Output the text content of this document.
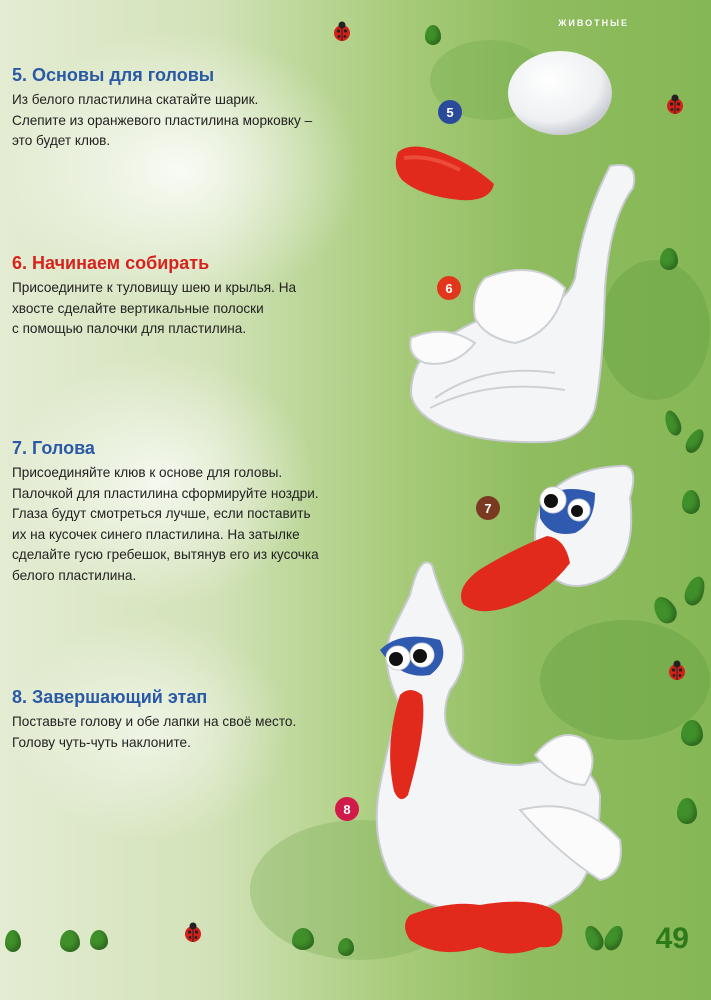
ЖИВОТНЫЕ

5. Основы для головы

Из белого пластилина скатайте шарик.

Слепите из оранжевого пластилина морковку –

это будет клюв.

6. Начинаем собирать

Присоедините к туловищу шею и крылья. На

хвосте сделайте вертикальные полоски

с помощью палочки для пластилина.

7. Голова

Присоединяйте клюв к основе для головы.

Палочкой для пластилина сформируйте ноздри.

Глаза будут смотреться лучше, если поставить

их на кусочек синего пластилина. На затылке

сделайте гусю гребешок, вытянув его из кусочка

белого пластилина.

8. Завершающий этап

Поставьте голову и обе лапки на своё место.

Голову чуть-чуть наклоните.

5
6
7
8
49
